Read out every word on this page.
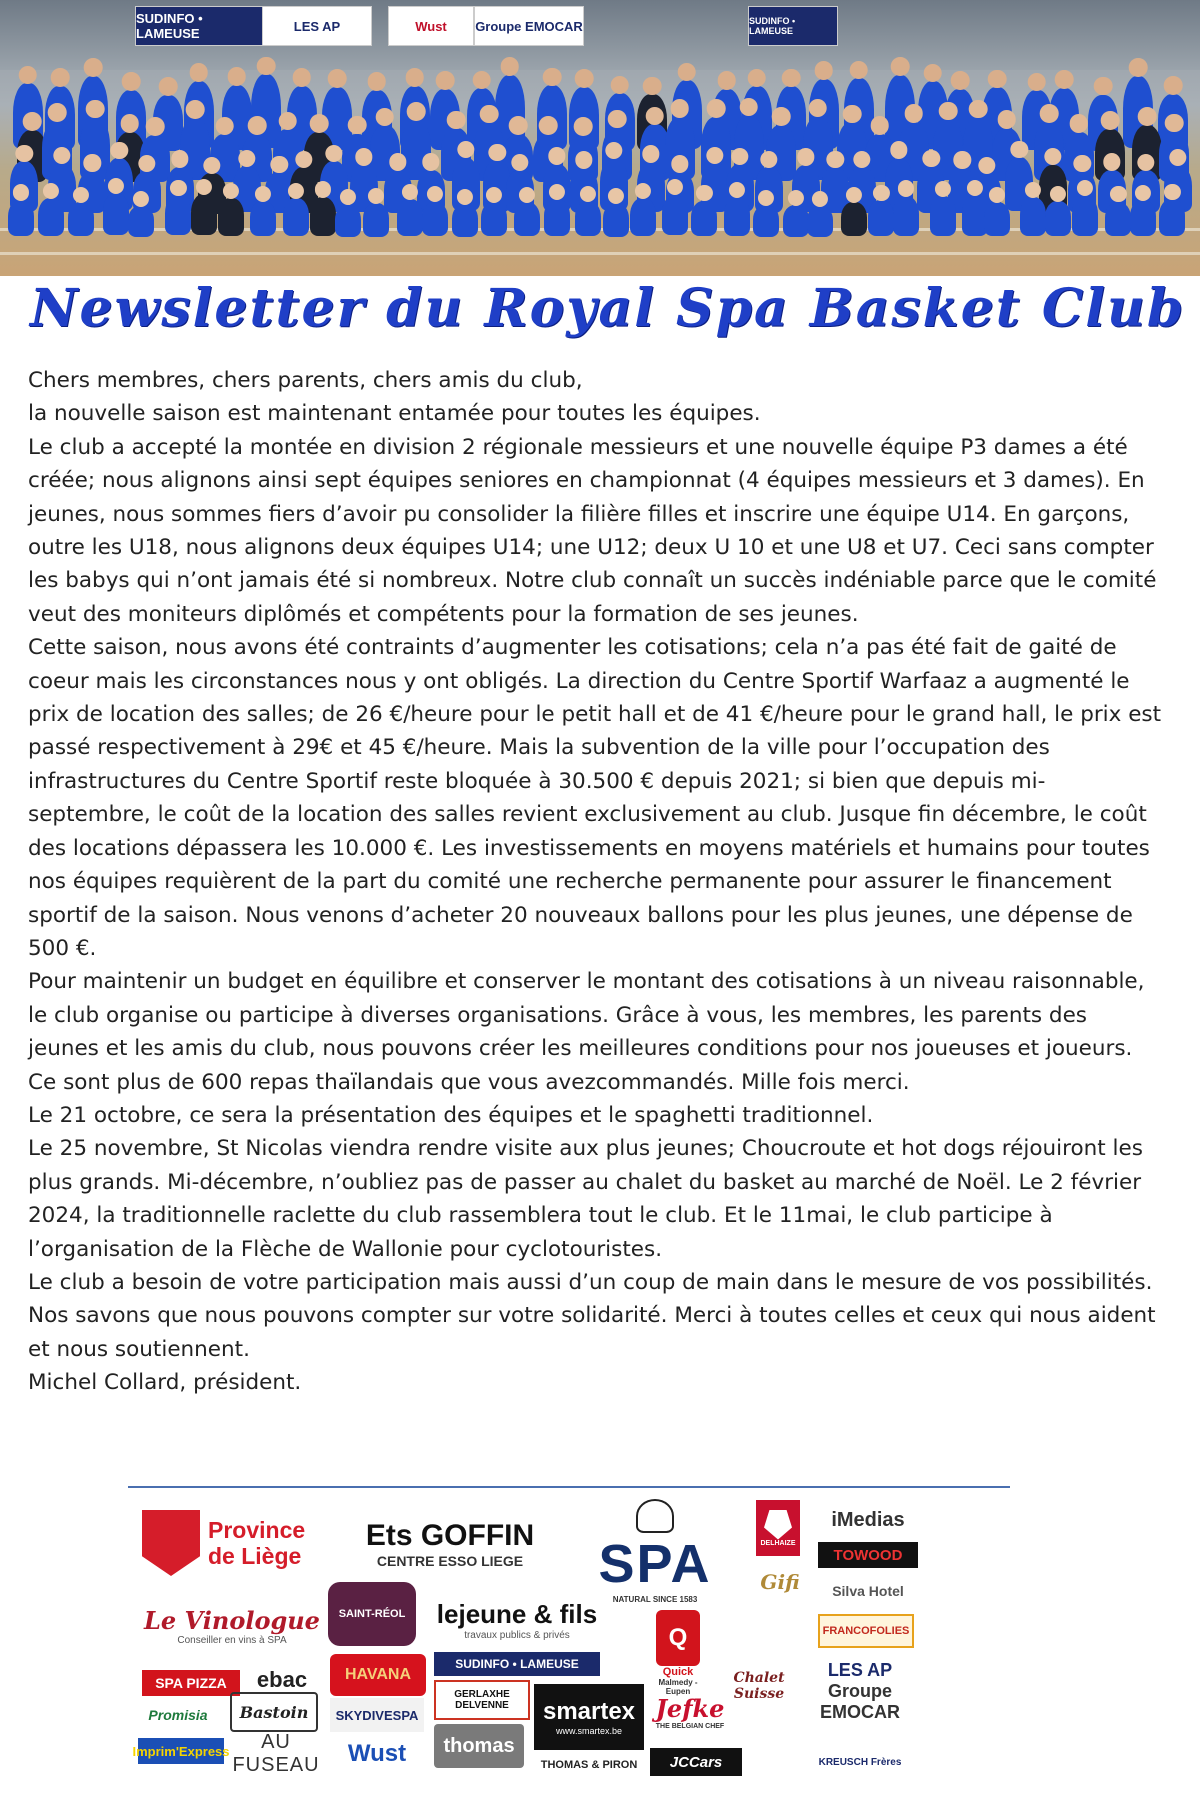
SUDINFO • LAMEUSE	LES AP	Wust	Groupe EMOCAR	SUDINFO • LAMEUSE
Newsletter du Royal Spa Basket Club

Chers membres, chers parents, chers amis du club,

la nouvelle saison est maintenant entamée pour toutes les équipes.

Le club a accepté la montée en division 2 régionale messieurs et une nouvelle équipe P3 dames a été créée; nous alignons ainsi sept équipes seniores en championnat (4 équipes messieurs et 3 dames). En jeunes, nous sommes fiers d’avoir pu consolider la filière filles et inscrire une équipe U14. En garçons, outre les U18, nous alignons deux équipes U14; une U12; deux U 10 et une U8 et U7. Ceci sans compter les babys qui n’ont jamais été si nombreux. Notre club connaît un succès indéniable parce que le comité veut des moniteurs diplômés et compétents pour la formation de ses jeunes.

Cette saison, nous avons été contraints d’augmenter les cotisations; cela n’a pas été fait de gaité de coeur mais les circonstances nous y ont obligés. La direction du Centre Sportif Warfaaz a augmenté le prix de location des salles; de 26 €/heure pour le petit hall et de 41 €/heure pour le grand hall, le prix est passé respectivement à 29€ et 45 €/heure. Mais la subvention de la ville pour l’occupation des infrastructures du Centre Sportif reste bloquée à 30.500 € depuis 2021; si bien que depuis mi-septembre, le coût de la location des salles revient exclusivement au club. Jusque fin décembre, le coût des locations dépassera les 10.000 €. Les investissements en moyens matériels et humains pour toutes nos équipes requièrent de la part du comité une recherche permanente pour assurer le financement sportif de la saison. Nous venons d’acheter 20 nouveaux ballons pour les plus jeunes, une dépense de 500 €.

Pour maintenir un budget en équilibre et conserver le montant des cotisations à un niveau raisonnable, le club organise ou participe à diverses organisations. Grâce à vous, les membres, les parents des jeunes et les amis du club, nous pouvons créer les meilleures conditions pour nos joueuses et joueurs. Ce sont plus de 600 repas thaïlandais que vous avezcommandés. Mille fois merci.

Le 21 octobre, ce sera la présentation des équipes et le spaghetti traditionnel.

Le 25 novembre, St Nicolas viendra rendre visite aux plus jeunes; Choucroute et hot dogs réjouiront les plus grands. Mi-décembre, n’oubliez pas de passer au chalet du basket au marché de Noël. Le 2 février 2024, la traditionnelle raclette du club rassemblera tout le club. Et le 11mai, le club participe à l’organisation de la Flèche de Wallonie pour cyclotouristes.

Le club a besoin de votre participation mais aussi d’un coup de main dans le mesure de vos possibilités. Nos savons que nous pouvons compter sur votre solidarité. Merci à toutes celles et ceux qui nous aident et nous soutiennent.

Michel Collard, président.

Province de Liège
Ets GOFFIN
CENTRE ESSO LIEGE SPA
NATURAL SINCE 1583
DELHAIZE
iMedias
TOWOOD
Gifi	Silva Hotel
Le Vinologue
Conseiller en vins à SPA
SAINT-RÉOL	lejeune & fils
travaux publics & privés	Q
Quick
Malmedy - Eupen
FRANCOFOLIES
SPA PIZZA	ebac	HAVANA
SUDINFO • LAMEUSE
Chalet Suisse
LES AP
Groupe EMOCAR
Promisia	Bastoin	SKYDIVESPA
GERLAXHE DELVENNE	smartex
www.smartex.be
Jefke
THE BELGIAN CHEF
Imprim'Express	AU FUSEAU	Wust	thomas
THOMAS & PIRON	JCCars	KREUSCH Frères
